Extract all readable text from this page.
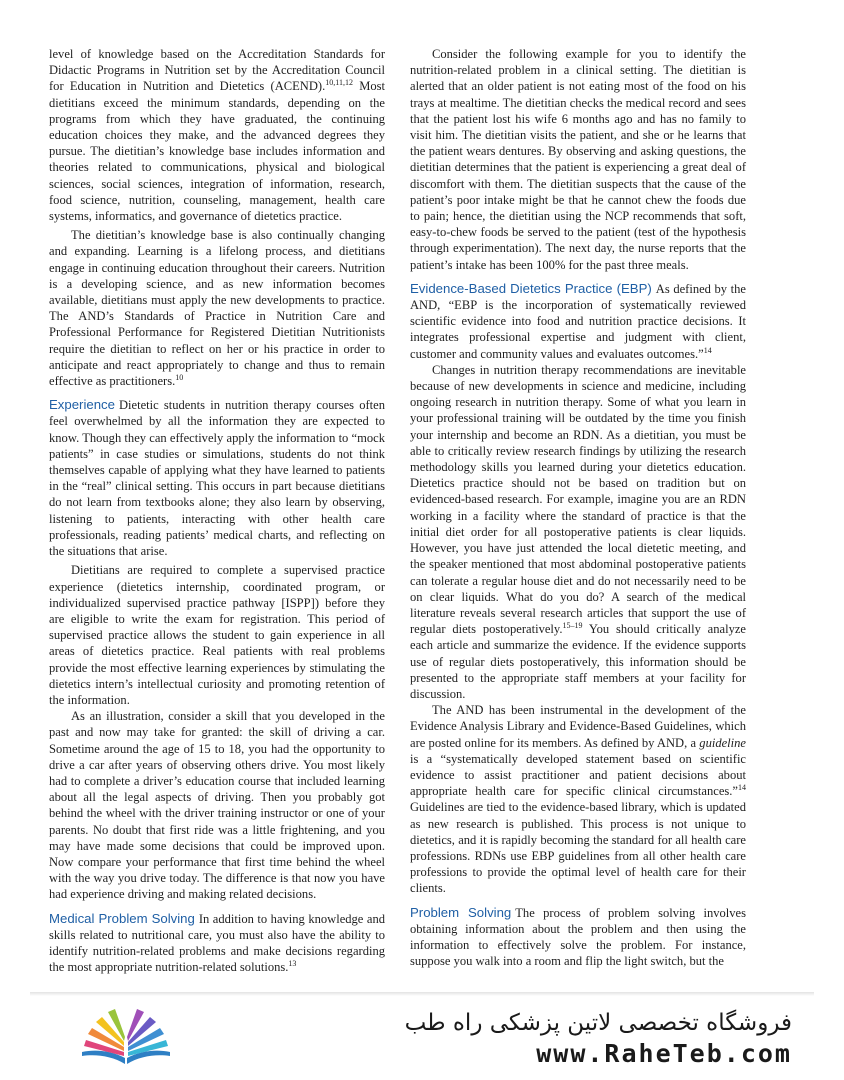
level of knowledge based on the Accreditation Standards for Didactic Programs in Nutrition set by the Accreditation Council for Education in Nutrition and Dietetics (ACEND).$^{10,11,12}$ Most dietitians exceed the minimum standards, depending on the programs from which they have graduated, the continuing education choices they make, and the advanced degrees they pursue. The dietitian’s knowledge base includes information and theories related to communications, physical and biological sciences, social sciences, integration of information, research, food science, nutrition, counseling, management, health care systems, informatics, and governance of dietetics practice.

The dietitian’s knowledge base is also continually changing and expanding. Learning is a lifelong process, and dietitians engage in continuing education throughout their careers. Nutrition is a developing science, and as new information becomes available, dietitians must apply the new developments to practice. The AND’s Standards of Practice in Nutrition Care and Professional Performance for Registered Dietitian Nutritionists require the dietitian to reflect on her or his practice in order to anticipate and react appropriately to change and thus to remain effective as practitioners.$^{10}$

Experience Dietetic students in nutrition therapy courses often feel overwhelmed by all the information they are expected to know. Though they can effectively apply the information to “mock patients” in case studies or simulations, students do not think themselves capable of applying what they have learned to patients in the “real” clinical setting. This occurs in part because dietitians do not learn from textbooks alone; they also learn by observing, listening to patients, interacting with other health care professionals, reading patients’ medical charts, and reflecting on the situations that arise.

Dietitians are required to complete a supervised practice experience (dietetics internship, coordinated program, or individualized supervised practice pathway [ISPP]) before they are eligible to write the exam for registration. This period of supervised practice allows the student to gain experience in all areas of dietetics practice. Real patients with real problems provide the most effective learning experiences by stimulating the dietetics intern’s intellectual curiosity and promoting retention of the information.

As an illustration, consider a skill that you developed in the past and now may take for granted: the skill of driving a car. Sometime around the age of 15 to 18, you had the opportunity to drive a car after years of observing others drive. You most likely had to complete a driver’s education course that included learning about all the legal aspects of driving. Then you probably got behind the wheel with the driver training instructor or one of your parents. No doubt that first ride was a little frightening, and you may have made some decisions that could be improved upon. Now compare your performance that first time behind the wheel with the way you drive today. The difference is that now you have had experience driving and making related decisions.

Medical Problem Solving In addition to having knowledge and skills related to nutritional care, you must also have the ability to identify nutrition-related problems and make decisions regarding the most appropriate nutrition-related solutions.$^{13}$

Consider the following example for you to identify the nutrition-related problem in a clinical setting. The dietitian is alerted that an older patient is not eating most of the food on his trays at mealtime. The dietitian checks the medical record and sees that the patient lost his wife 6 months ago and has no family to visit him. The dietitian visits the patient, and she or he learns that the patient wears dentures. By observing and asking questions, the dietitian determines that the patient is experiencing a great deal of discomfort with them. The dietitian suspects that the cause of the patient’s poor intake might be that he cannot chew the foods due to pain; hence, the dietitian using the NCP recommends that soft, easy-to-chew foods be served to the patient (test of the hypothesis through experimentation). The next day, the nurse reports that the patient’s intake has been 100% for the past three meals.

Evidence-Based Dietetics Practice (EBP) As defined by the AND, “EBP is the incorporation of systematically reviewed scientific evidence into food and nutrition practice decisions. It integrates professional expertise and judgment with client, customer and community values and evaluates outcomes.”$^{14}$

Changes in nutrition therapy recommendations are inevitable because of new developments in science and medicine, including ongoing research in nutrition therapy. Some of what you learn in your professional training will be outdated by the time you finish your internship and become an RDN. As a dietitian, you must be able to critically review research findings by utilizing the research methodology skills you learned during your dietetics education. Dietetics practice should not be based on tradition but on evidenced-based research. For example, imagine you are an RDN working in a facility where the standard of practice is that the initial diet order for all postoperative patients is clear liquids. However, you have just attended the local dietetic meeting, and the speaker mentioned that most abdominal postoperative patients can tolerate a regular house diet and do not necessarily need to be on clear liquids. What do you do? A search of the medical literature reveals several research articles that support the use of regular diets postoperatively.$^{15-19}$ You should critically analyze each article and summarize the evidence. If the evidence supports use of regular diets postoperatively, this information should be presented to the appropriate staff members at your facility for discussion.

The AND has been instrumental in the development of the Evidence Analysis Library and Evidence-Based Guidelines, which are posted online for its members. As defined by AND, a guideline is a “systematically developed statement based on scientific evidence to assist practitioner and patient decisions about appropriate health care for specific clinical circumstances.”$^{14}$ Guidelines are tied to the evidence-based library, which is updated as new research is published. This process is not unique to dietetics, and it is rapidly becoming the standard for all health care professions. RDNs use EBP guidelines from all other health care professions to provide the optimal level of health care for their clients.

Problem Solving The process of problem solving involves obtaining information about the problem and then using the information to effectively solve the problem. For instance, suppose you walk into a room and flip the light switch, but the

فروشگاه تخصصی لاتین پزشکی راه طب
www.RaheTeb.com
